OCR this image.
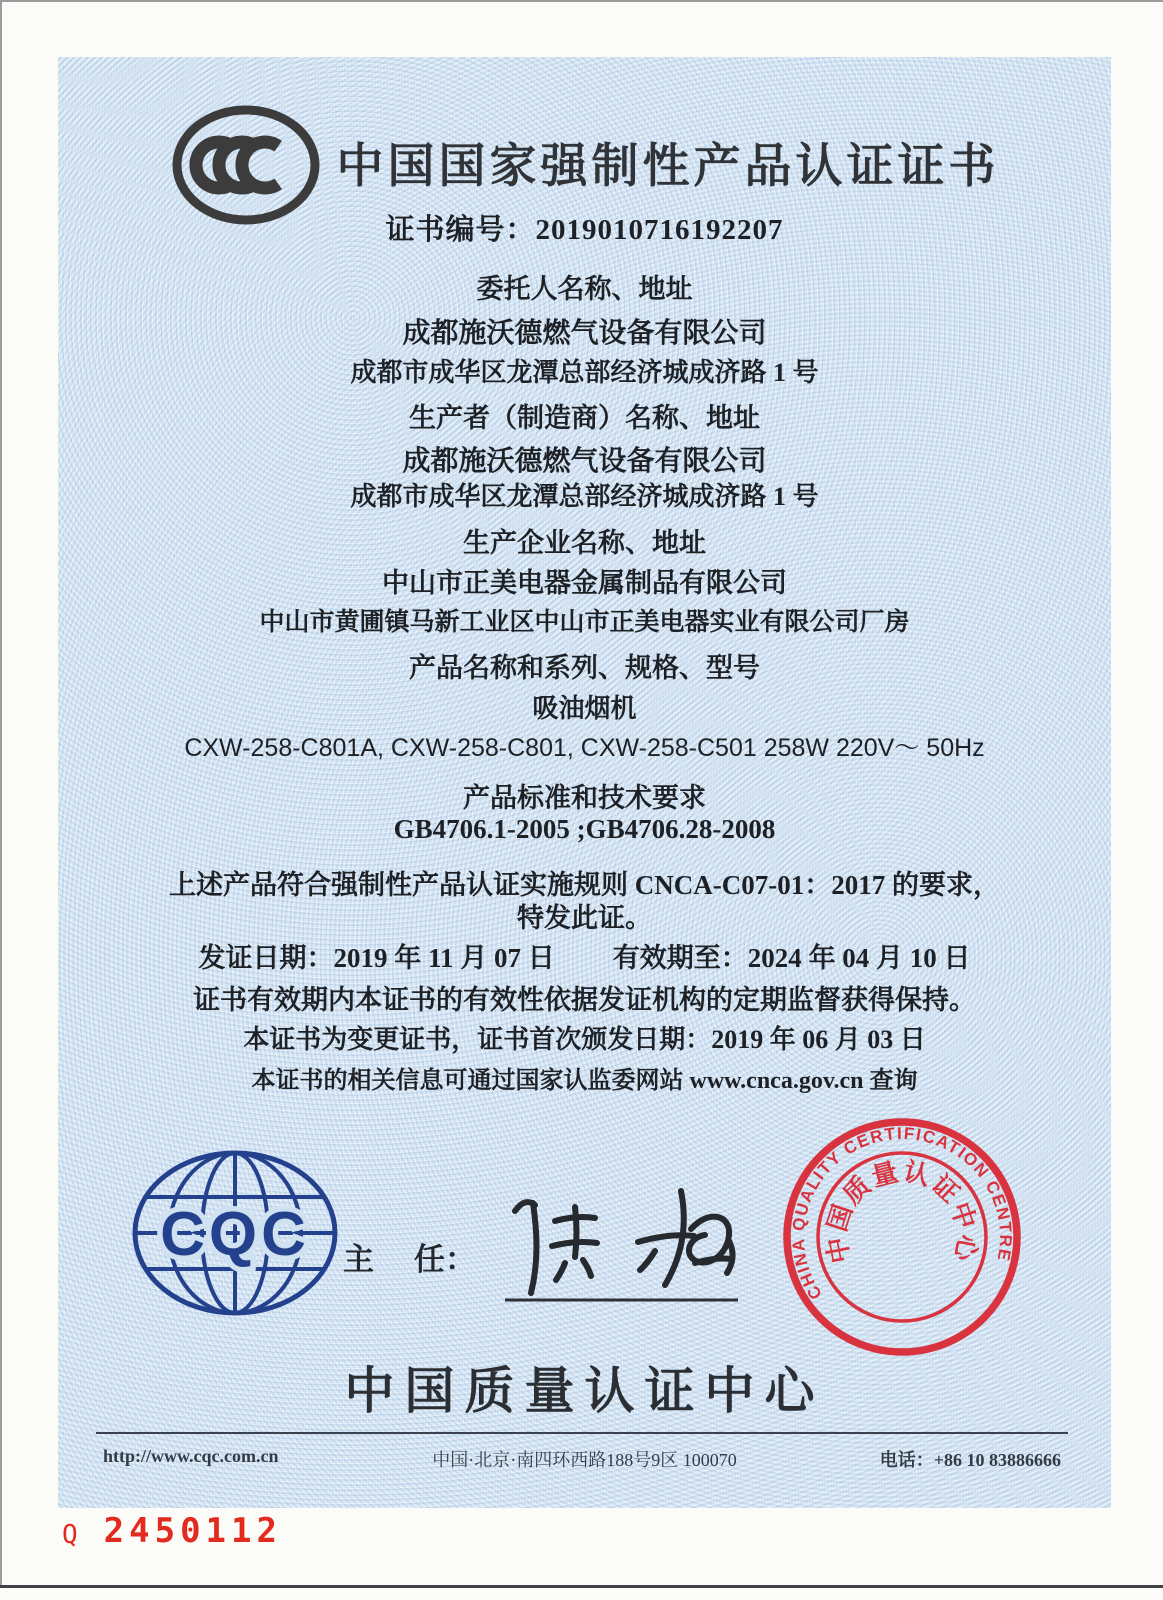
中国国家强制性产品认证证书
证书编号：2019010716192207
委托人名称、地址
成都施沃德燃气设备有限公司
成都市成华区龙潭总部经济城成济路 1 号
生产者（制造商）名称、地址
成都施沃德燃气设备有限公司
成都市成华区龙潭总部经济城成济路 1 号
生产企业名称、地址
中山市正美电器金属制品有限公司
中山市黄圃镇马新工业区中山市正美电器实业有限公司厂房
产品名称和系列、规格、型号
吸油烟机
CXW-258-C801A, CXW-258-C801, CXW-258-C501 258W 220V～ 50Hz
产品标准和技术要求
GB4706.1-2005 ;GB4706.28-2008
上述产品符合强制性产品认证实施规则 CNCA-C07-01：2017 的要求，
特发此证。
发证日期：2019 年 11 月 07 日 有效期至：2024 年 04 月 10 日
证书有效期内本证书的有效性依据发证机构的定期监督获得保持。
本证书为变更证书，证书首次颁发日期：2019 年 06 月 03 日
本证书的相关信息可通过国家认监委网站 www.cnca.gov.cn 查询
CQC 主 任：
CHINA QUALITY CERTIFICATION CENTRE
中国质量认证中心
中国质量认证中心
http://www.cqc.com.cn	中国·北京·南四环西路188号9区 100070	电话：+86 10 83886666
Q 2450112
